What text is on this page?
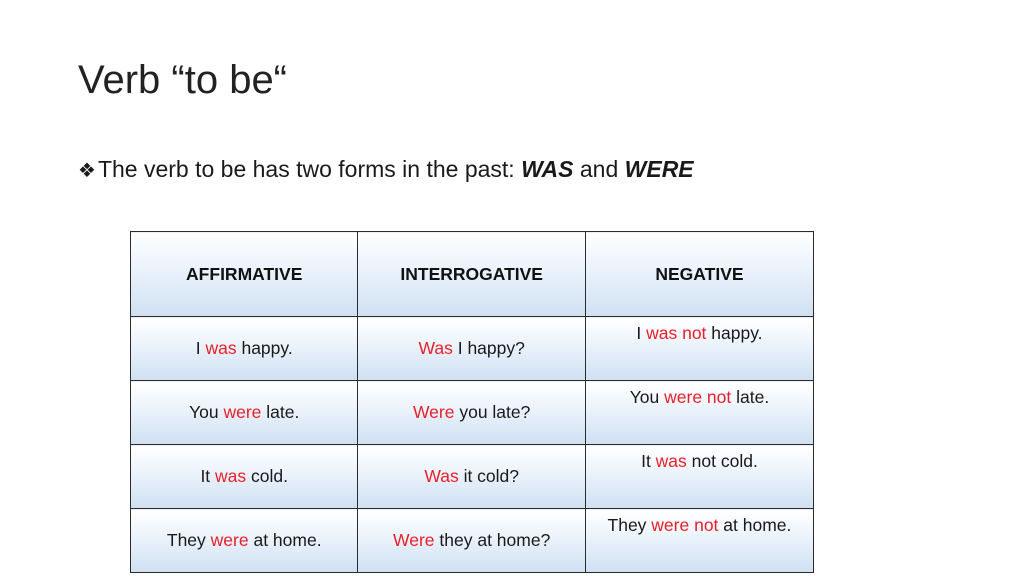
Verb “to be“
❖The verb to be has two forms in the past: WAS and WERE
AFFIRMATIVE	INTERROGATIVE	NEGATIVE
I was happy.	Was I happy?	I was not happy.
You were late.	Were you late?	You were not late.
It was cold.	Was it cold?	It was not cold.
They were at home.	Were they at home?	They were not at home.
